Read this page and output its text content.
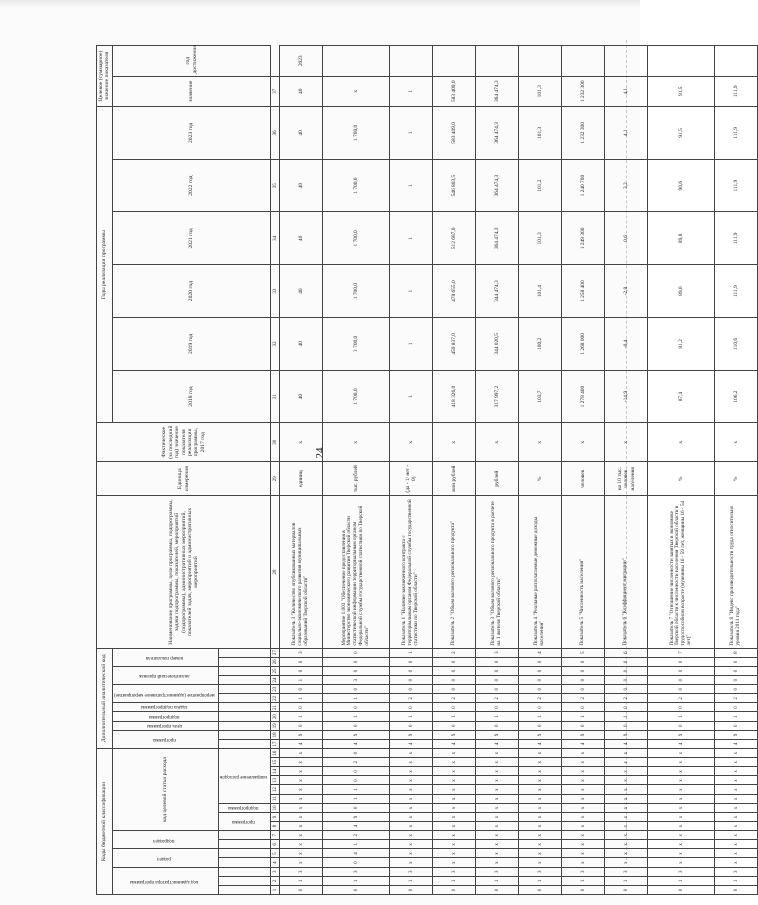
24
Коды бюджетной классификации																Дополнительный аналитический код											Наименование программы, цели программы, подпрограммы, задачи подпрограммы, показателей, мероприятий (подпрограммы), административных мероприятий, показателей задач, мероприятий и административных мероприятий	Единица измерения	Фактическое (за последний год) значение показателя реализации программы, 2017 год	Годы реализации программы						Целевое (суммарное) значение показателя	
код администратора программы			раздел		подраздел		код целевой статьи расхода									программа		цель программы	подпрограмма	задача подпрограммы	мероприятие (административное мероприятие)		аналитический признак		номер показателя					2018 год	2019 год	2020 год	2021 год	2022 год	2023 год	значение	год достижения
							программа		подпрограмма	направление расходов																											
1	2	3	4	5	6	7	8	9	10	11	12	13	14	15	16	17	18	19	20	21	22	23	24	25	26	27	28	29	30	31	32	33	34	35	36	37	
0	1	3	х	х	х	х	х	х	х	х	х	х	х	х	х	4	9	0	1	0	1	0	1	0	0	3	Показатель 3 "Количество опубликованных материалов социально-экономического развития муниципальных образований Тверской области"	единиц	х	40	40	40	40	40	40	40	2023
0	1	3	0	4	1	2	4	9	0	1	1	0	0	2	0	4	9	0	1	0	1	0	3	0	0	0	Мероприятие 1.003 "Обеспечение предоставления в Министерство экономического развития Тверской области статистической информации территориальным органом Федеральной службы государственной статистики по Тверской области"	тыс. рублей	х	1 700,0	1 700,0	1 700,0	1 700,0	1 700,0	1 700,0	х	
0	1	3	х	х	х	х	х	х	х	х	х	х	х	х	х	4	9	0	1	0	2	0	0	0	0	1	Показатель 1 "Наличие заключенного контракта с территориальным органом Федеральной службы государственной статистики по Тверской области"	(да - 1/ нет - 0)	х	1	1	1	1	1	1	1	
0	1	3	х	х	х	х	х	х	х	х	х	х	х	х	х	4	9	0	1	0	2	0	0	0	0	2	Показатель 2 "Объем валового регионального продукта"	млн рублей	х	418 326,0	459 837,0	478 655,0	512 687,0	546 803,5	583 409,0	583 409,0	
0	1	3	х	х	х	х	х	х	х	х	х	х	х	х	х	4	9	0	1	0	2	0	0	0	0	3	Показатель 3 "Объем валового регионального продукта в расчете на 1 жителя Тверской области"	рублей	х	317 997,2	344 020,5	344 474,3	364 474,3	364 474,3	364 474,3	364 474,3	
0	1	3	х	х	х	х	х	х	х	х	х	х	х	х	х	4	9	0	1	0	2	0	0	0	0	4	Показатель 4 "Реальные располагаемые денежные доходы населения"	%	х	103,7	100,2	101,4	101,3	101,2	101,3	101,3	
0	1	3	х	х	х	х	х	х	х	х	х	х	х	х	х	4	9	0	1	0	2	0	0	0	0	5	Показатель 5 "Численность населения"	человек	х	1 278 400	1 268 000	1 258 400	1 249 300	1 240 700	1 232 300	1 232 300	
0	1	3	х	х	х	х	х	х	х	х	х	х	х	х	х	4	9	0	1	0	2	0	0	0	0	6	Показатель 6 "Коэффициент миграции"	на 10 тыс. человек населения	х	-14,9	-0,4	-2,8	0,6	3,2	4,1	4,1	
0	1	3	х	х	х	х	х	х	х	х	х	х	х	х	х	4	9	0	1	0	2	0	0	0	0	7	Показатель 7 "Отношение численности занятых в экономике Тверской области к численности населения Тверской области в трудоспособном возрасте (мужчины 16 - 59 лет, женщины 16 - 54 лет)"	%	х	87,4	81,2	89,0	89,8	90,6	91,5	91,5	
0	1	3	х	х	х	х	х	х	х	х	х	х	х	х	х	4	9	0	1	0	2	0	0	0	0	8	Показатель 8 "Индекс производительности труда относительно уровня 2011 года"	%	х	106,2	110,6	111,9	111,9	111,9	111,9	111,9	
